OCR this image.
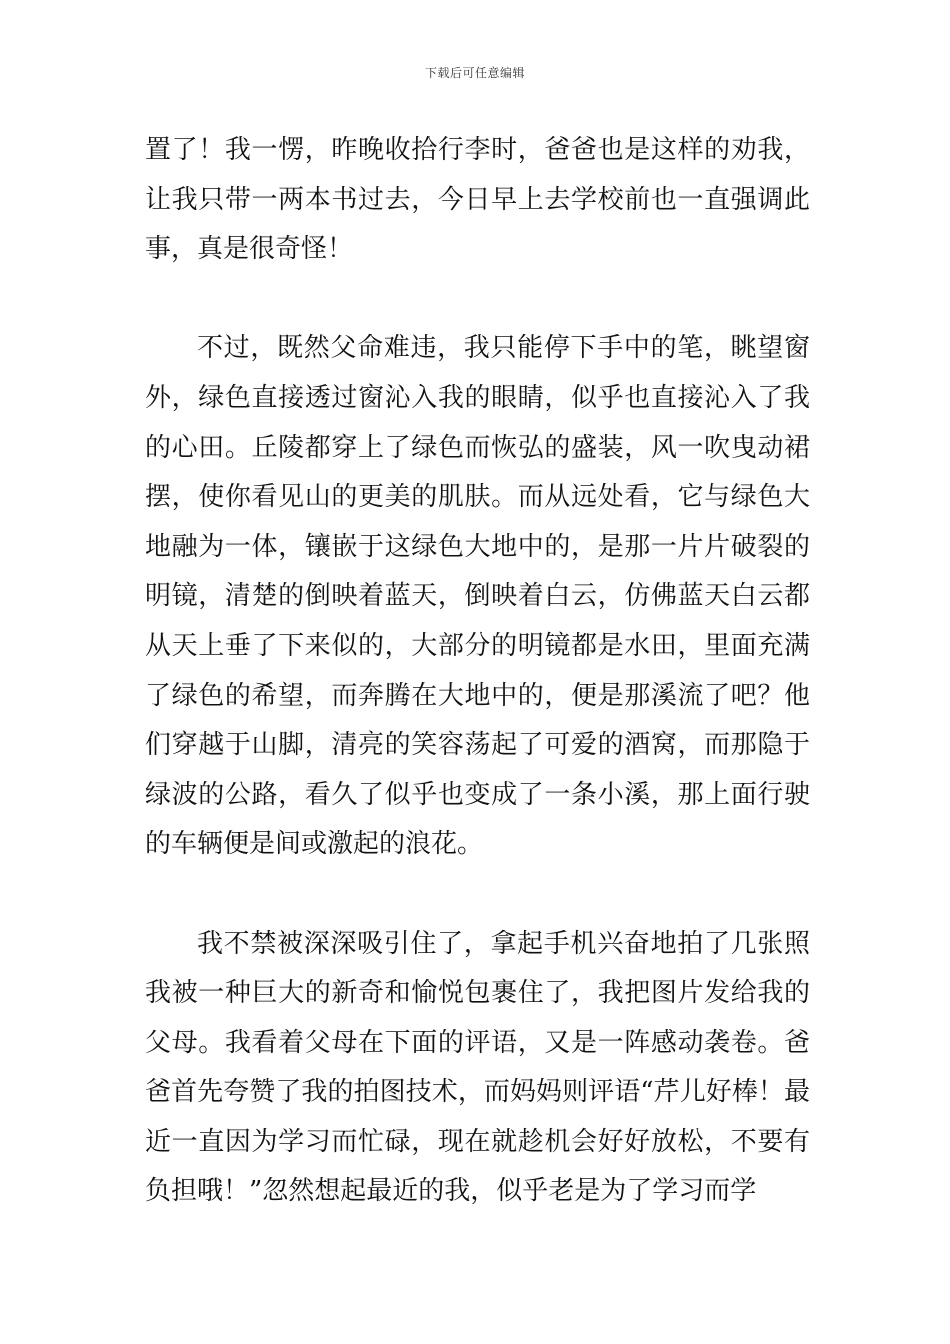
下载后可任意编辑

置了！我一愣，昨晚收拾行李时，爸爸也是这样的劝我，让我只带一两本书过去，今日早上去学校前也一直强调此事，真是很奇怪！

不过，既然父命难违，我只能停下手中的笔，眺望窗外，绿色直接透过窗沁入我的眼睛，似乎也直接沁入了我的心田。丘陵都穿上了绿色而恢弘的盛装，风一吹曳动裙摆，使你看见山的更美的肌肤。而从远处看，它与绿色大地融为一体，镶嵌于这绿色大地中的，是那一片片破裂的明镜，清楚的倒映着蓝天，倒映着白云，仿佛蓝天白云都从天上垂了下来似的，大部分的明镜都是水田，里面充满了绿色的希望，而奔腾在大地中的，便是那溪流了吧？他们穿越于山脚，清亮的笑容荡起了可爱的酒窝，而那隐于绿波的公路，看久了似乎也变成了一条小溪，那上面行驶的车辆便是间或激起的浪花。

我不禁被深深吸引住了，拿起手机兴奋地拍了几张照我被一种巨大的新奇和愉悦包裹住了，我把图片发给我的父母。我看着父母在下面的评语，又是一阵感动袭卷。爸爸首先夸赞了我的拍图技术，而妈妈则评语“芹儿好棒！最近一直因为学习而忙碌，现在就趁机会好好放松，不要有负担哦！”忽然想起最近的我，似乎老是为了学习而学
